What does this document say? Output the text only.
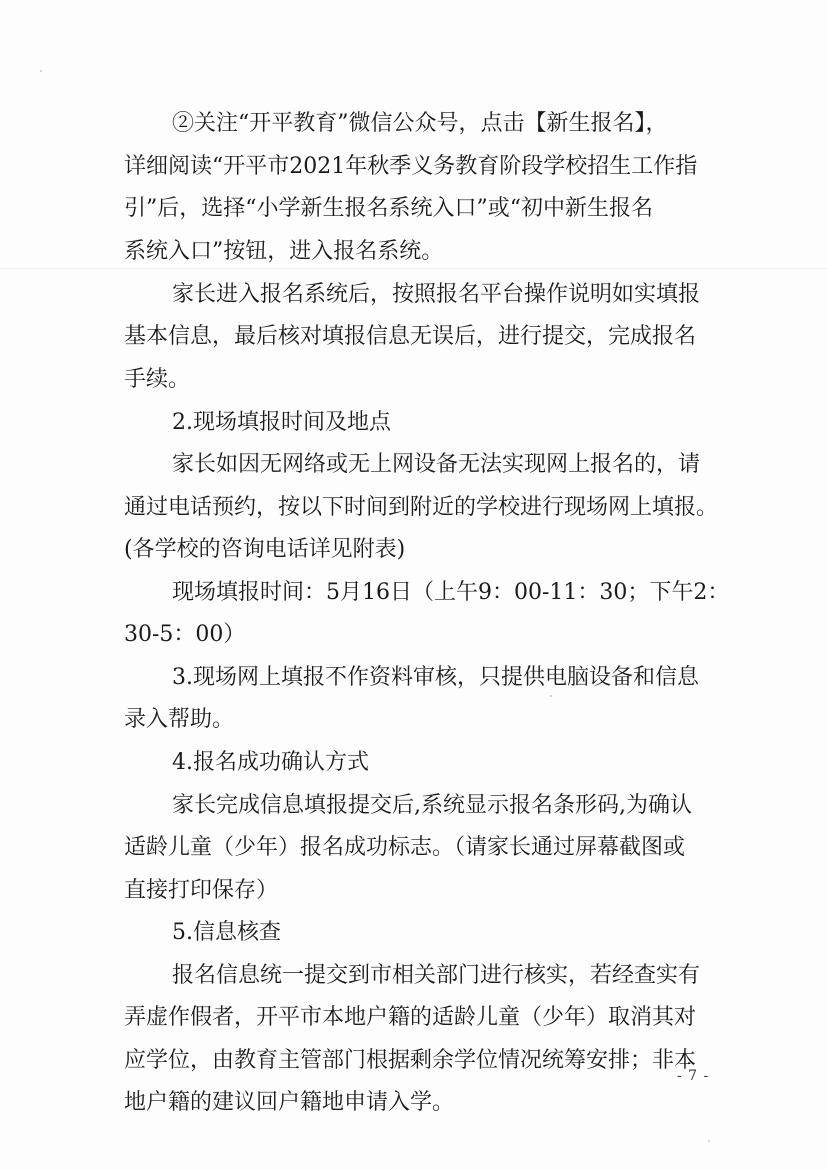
②关注“开平教育”微信公众号，点击【新生报名】，
详细阅读“开平市2021年秋季义务教育阶段学校招生工作指
引”后，选择“小学新生报名系统入口”或“初中新生报名
系统入口”按钮，进入报名系统。
家长进入报名系统后，按照报名平台操作说明如实填报
基本信息，最后核对填报信息无误后，进行提交，完成报名
手续。
2.现场填报时间及地点
家长如因无网络或无上网设备无法实现网上报名的，请
通过电话预约，按以下时间到附近的学校进行现场网上填报。
(各学校的咨询电话详见附表)
现场填报时间：5月16日（上午9：00-11：30；下午2：
30-5：00）
3.现场网上填报不作资料审核，只提供电脑设备和信息
录入帮助。
4.报名成功确认方式
家长完成信息填报提交后,系统显示报名条形码,为确认
适龄儿童（少年）报名成功标志。（请家长通过屏幕截图或
直接打印保存）
5.信息核查
报名信息统一提交到市相关部门进行核实，若经查实有
弄虚作假者，开平市本地户籍的适龄儿童（少年）取消其对
应学位，由教育主管部门根据剩余学位情况统筹安排；非本
地户籍的建议回户籍地申请入学。
- 7 -
